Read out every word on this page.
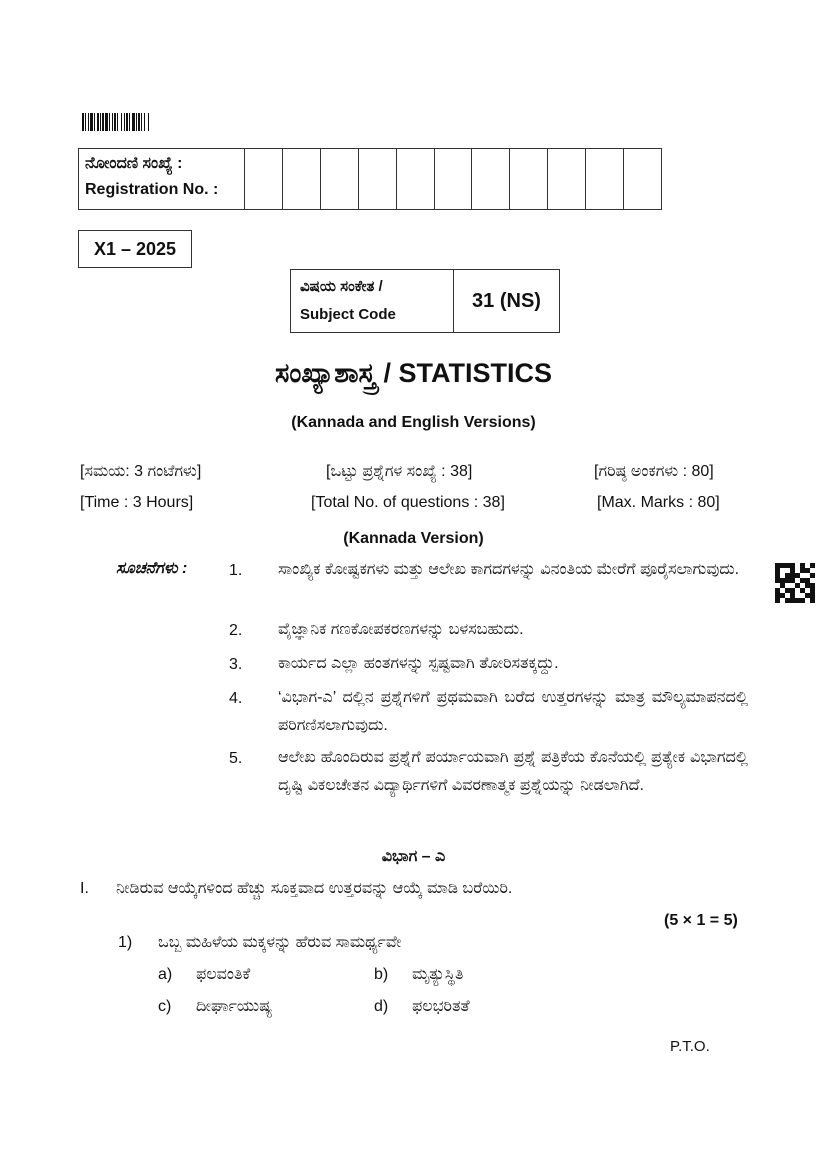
ನೋಂದಣಿ ಸಂಖ್ಯೆ :
Registration No. :
X1 – 2025
ವಿಷಯ ಸಂಕೇತ /
Subject Code
31 (NS)
ಸಂಖ್ಯಾಶಾಸ್ತ್ರ / STATISTICS
(Kannada and English Versions)
[ಸಮಯ: 3 ಗಂಟೆಗಳು]	[ಒಟ್ಟು ಪ್ರಶ್ನೆಗಳ ಸಂಖ್ಯೆ : 38]	[ಗರಿಷ್ಠ ಅಂಕಗಳು : 80]
[Time : 3 Hours]	[Total No. of questions : 38]	[Max. Marks : 80]
(Kannada Version)
ಸೂಚನೆಗಳು :	1. ಸಾಂಖ್ಯಿಕ ಕೋಷ್ಟಕಗಳು ಮತ್ತು ಆಲೇಖ ಕಾಗದಗಳನ್ನು ವಿನಂತಿಯ ಮೇರೆಗೆ ಪೂರೈಸಲಾಗುವುದು.
2. ವೈಜ್ಞಾನಿಕ ಗಣಕೋಪಕರಣಗಳನ್ನು ಬಳಸಬಹುದು.
3. ಕಾರ್ಯದ ಎಲ್ಲಾ ಹಂತಗಳನ್ನು ಸ್ಪಷ್ಟವಾಗಿ ತೋರಿಸತಕ್ಕದ್ದು.
4. ‘ವಿಭಾಗ-ಎ’ ದಲ್ಲಿನ ಪ್ರಶ್ನೆಗಳಿಗೆ ಪ್ರಥಮವಾಗಿ ಬರೆದ ಉತ್ತರಗಳನ್ನು ಮಾತ್ರ ಮೌಲ್ಯಮಾಪನದಲ್ಲಿ ಪರಿಗಣಿಸಲಾಗುವುದು.
5. ಆಲೇಖ ಹೊಂದಿರುವ ಪ್ರಶ್ನೆಗೆ ಪರ್ಯಾಯವಾಗಿ ಪ್ರಶ್ನೆ ಪತ್ರಿಕೆಯ ಕೊನೆಯಲ್ಲಿ ಪ್ರತ್ಯೇಕ ವಿಭಾಗದಲ್ಲಿ ದೃಷ್ಟಿ ವಿಕಲಚೇತನ ವಿದ್ಯಾರ್ಥಿಗಳಿಗೆ ವಿವರಣಾತ್ಮಕ ಪ್ರಶ್ನೆಯನ್ನು ನೀಡಲಾಗಿದೆ.
ವಿಭಾಗ – ಎ
I. ನೀಡಿರುವ ಆಯ್ಕೆಗಳಿಂದ ಹೆಚ್ಚು ಸೂಕ್ತವಾದ ಉತ್ತರವನ್ನು ಆಯ್ಕೆ ಮಾಡಿ ಬರೆಯಿರಿ.
(5 × 1 = 5)
1) ಒಬ್ಬ ಮಹಿಳೆಯ ಮಕ್ಕಳನ್ನು ಹೆರುವ ಸಾಮರ್ಥ್ಯವೇ
a) ಫಲವಂತಿಕೆ	b) ಮೃತ್ಯುಸ್ಥಿತಿ
c) ದೀರ್ಘಾಯುಷ್ಯ	d) ಫಲಭರಿತತೆ
P.T.O.
